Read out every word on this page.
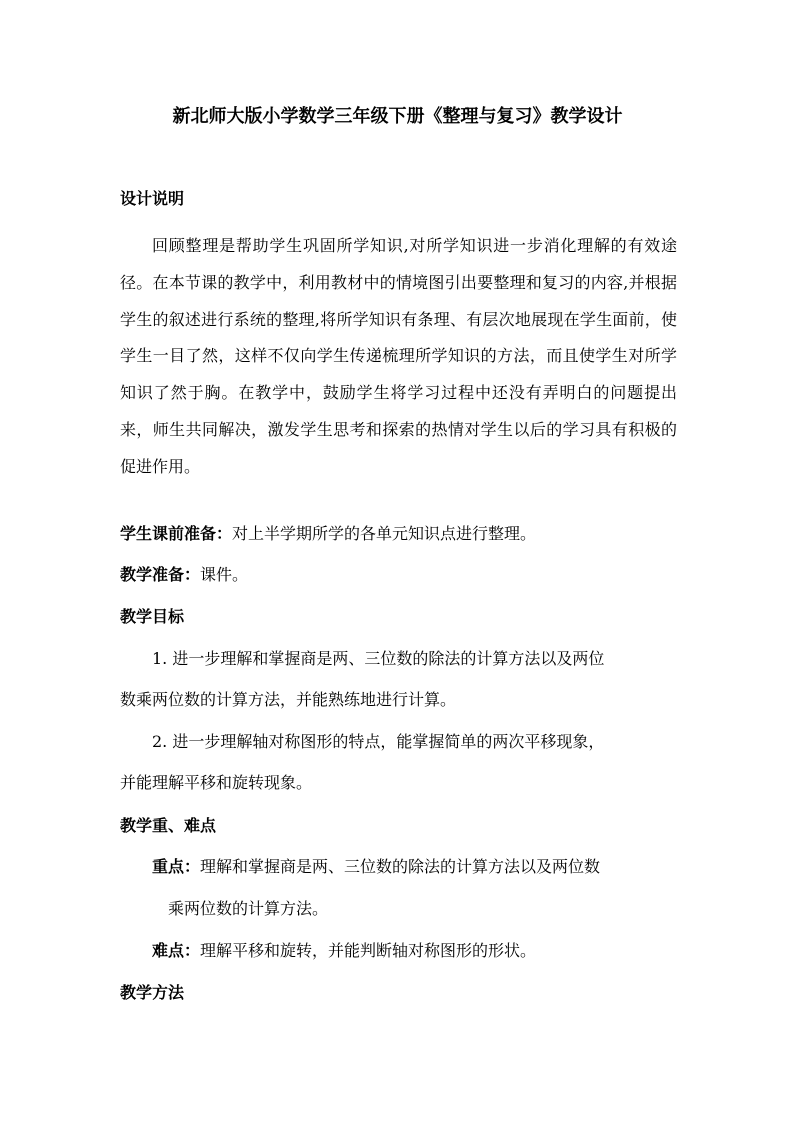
新北师大版小学数学三年级下册《整理与复习》教学设计
设计说明
回顾整理是帮助学生巩固所学知识,对所学知识进一步消化理解的有效途径。在本节课的教学中，利用教材中的情境图引出要整理和复习的内容,并根据学生的叙述进行系统的整理,将所学知识有条理、有层次地展现在学生面前，使学生一目了然，这样不仅向学生传递梳理所学知识的方法，而且使学生对所学知识了然于胸。在教学中，鼓励学生将学习过程中还没有弄明白的问题提出来，师生共同解决，激发学生思考和探索的热情对学生以后的学习具有积极的促进作用。
学生课前准备：对上半学期所学的各单元知识点进行整理。
教学准备：课件。
教学目标
1. 进一步理解和掌握商是两、三位数的除法的计算方法以及两位
数乘两位数的计算方法，并能熟练地进行计算。
2. 进一步理解轴对称图形的特点，能掌握简单的两次平移现象，
并能理解平移和旋转现象。
教学重、难点
重点：理解和掌握商是两、三位数的除法的计算方法以及两位数
乘两位数的计算方法。
难点：理解平移和旋转，并能判断轴对称图形的形状。
教学方法
